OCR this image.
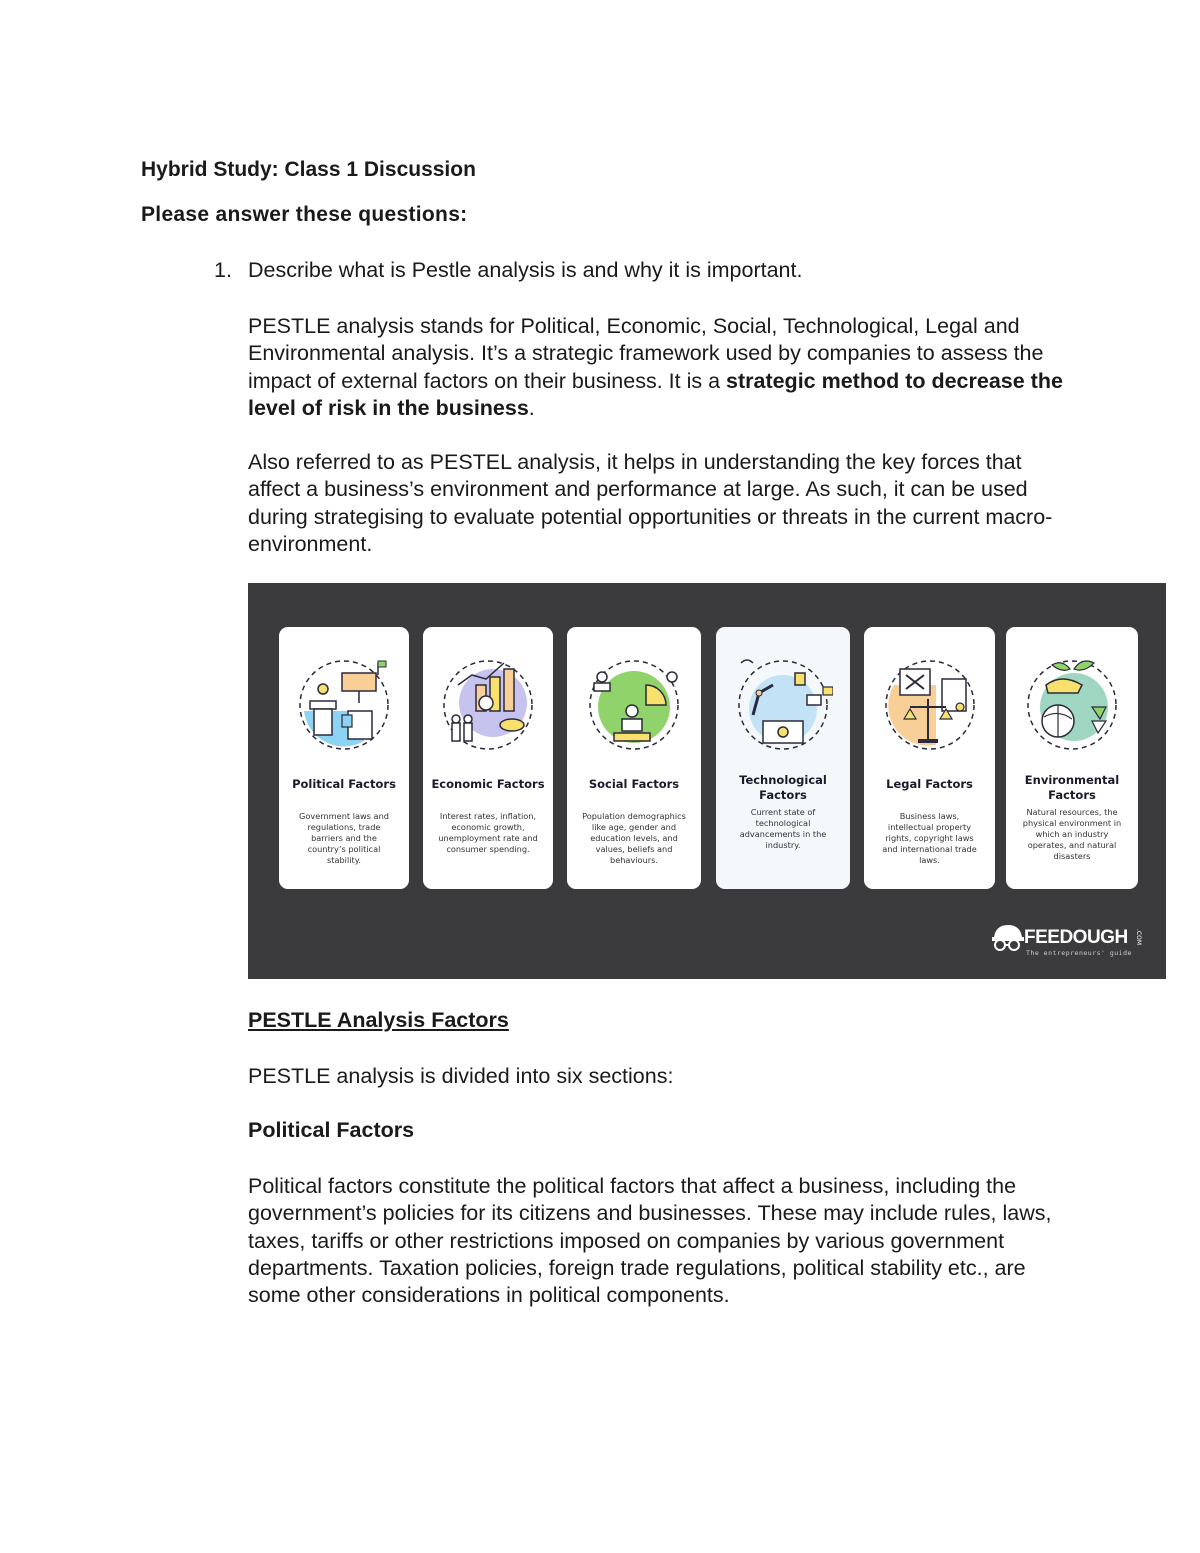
Hybrid Study: Class 1 Discussion
Please answer these questions:
1. Describe what is Pestle analysis is and why it is important.

PESTLE analysis stands for Political, Economic, Social, Technological, Legal and Environmental analysis. It’s a strategic framework used by companies to assess the impact of external factors on their business. It is a strategic method to decrease the level of risk in the business.

Also referred to as PESTEL analysis, it helps in understanding the key forces that affect a business’s environment and performance at large. As such, it can be used during strategising to evaluate potential opportunities or threats in the current macro-environment.

Political Factors
Government laws and regulations, trade barriers and the country’s political stability.
Economic Factors
Interest rates, inflation, economic growth, unemployment rate and consumer spending.
Social Factors
Population demographics like age, gender and education levels, and values, beliefs and behaviours.
Technological Factors
Current state of technological advancements in the industry.
Legal Factors
Business laws, intellectual property rights, copyright laws and international trade laws.
Environmental Factors
Natural resources, the physical environment in which an industry operates, and natural disasters
FEEDOUGH .COM
The entrepreneurs' guide
PESTLE Analysis Factors
PESTLE analysis is divided into six sections:
Political Factors

Political factors constitute the political factors that affect a business, including the government’s policies for its citizens and businesses. These may include rules, laws, taxes, tariffs or other restrictions imposed on companies by various government departments. Taxation policies, foreign trade regulations, political stability etc., are some other considerations in political components.
